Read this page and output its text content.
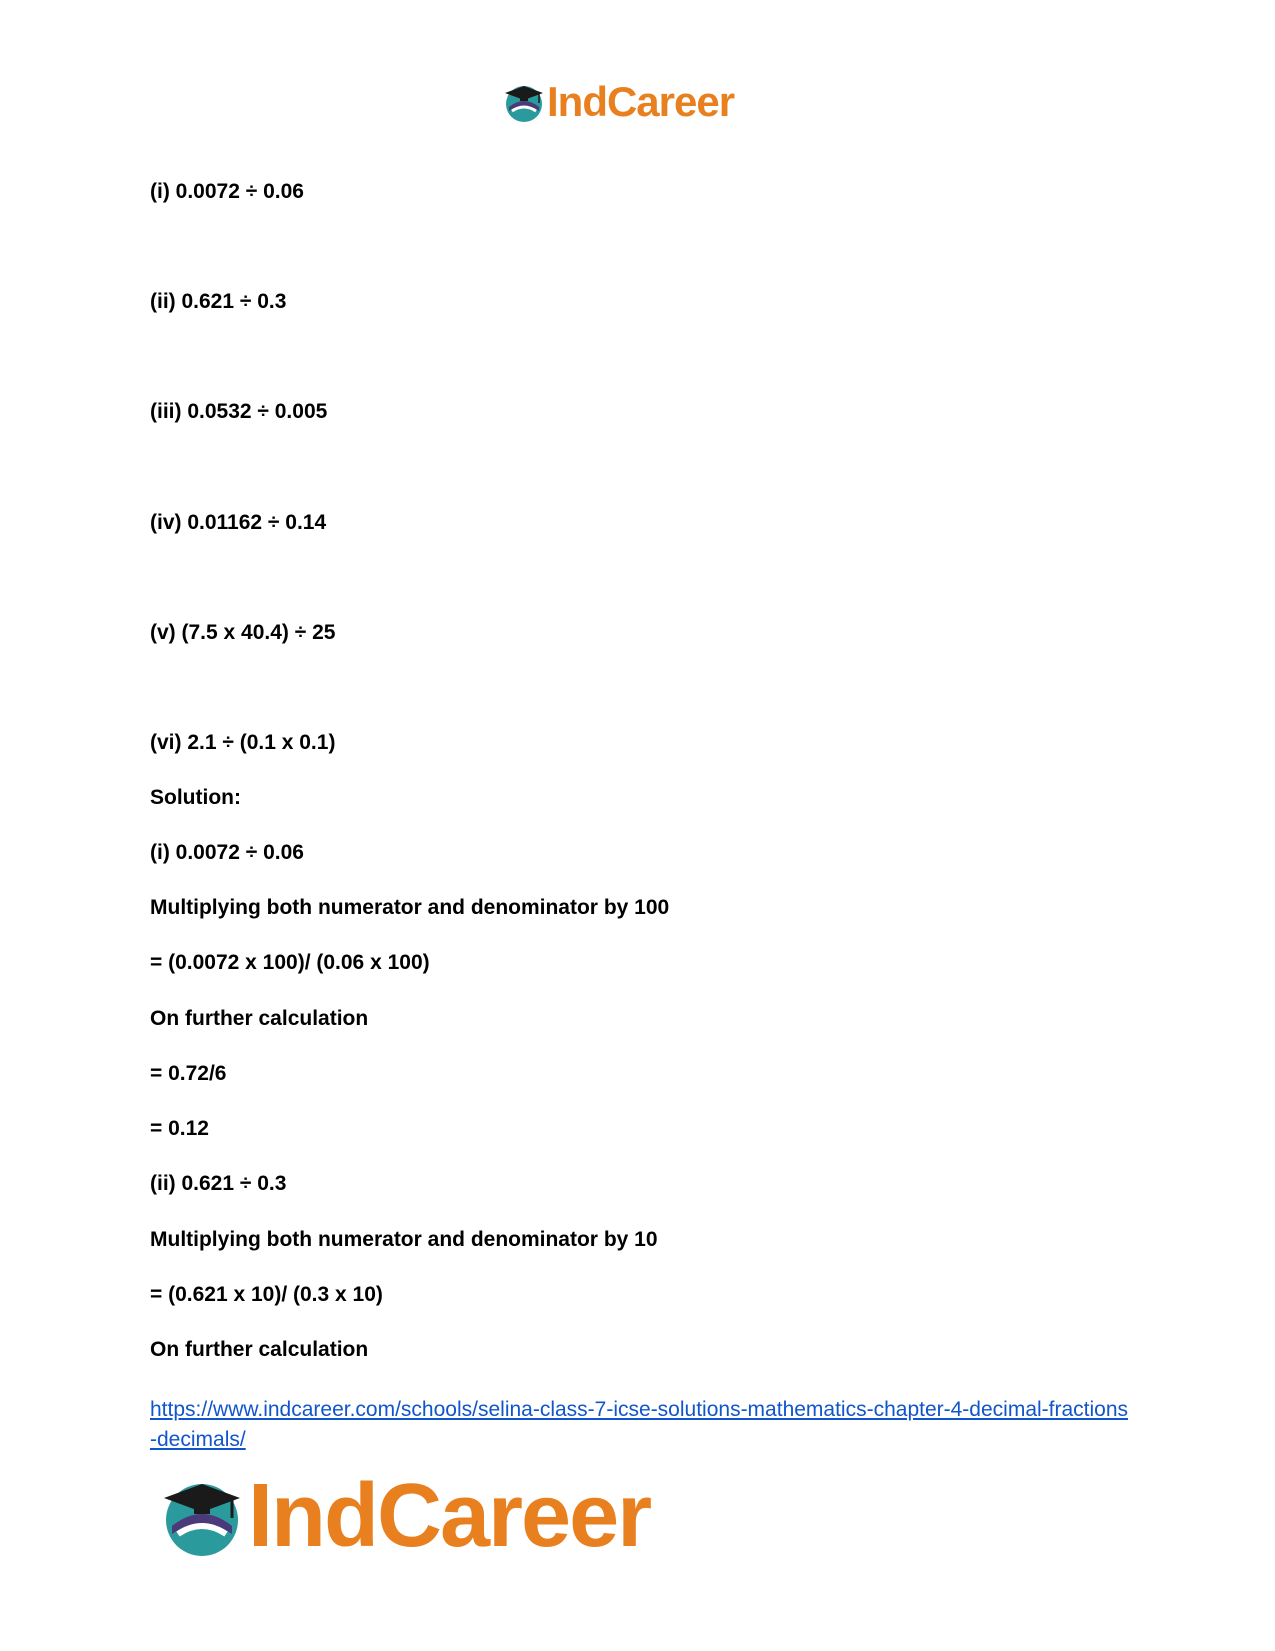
IndCareer
(i) 0.0072 ÷ 0.06
(ii) 0.621 ÷ 0.3
(iii) 0.0532 ÷ 0.005
(iv) 0.01162 ÷ 0.14
(v) (7.5 x 40.4) ÷ 25
(vi) 2.1 ÷ (0.1 x 0.1)
Solution:
(i) 0.0072 ÷ 0.06
Multiplying both numerator and denominator by 100
= (0.0072 x 100)/ (0.06 x 100)
On further calculation
= 0.72/6
= 0.12
(ii) 0.621 ÷ 0.3
Multiplying both numerator and denominator by 10
= (0.621 x 10)/ (0.3 x 10)
On further calculation
https://www.indcareer.com/schools/selina-class-7-icse-solutions-mathematics-chapter-4-decimal-fractions-decimals/
IndCareer
